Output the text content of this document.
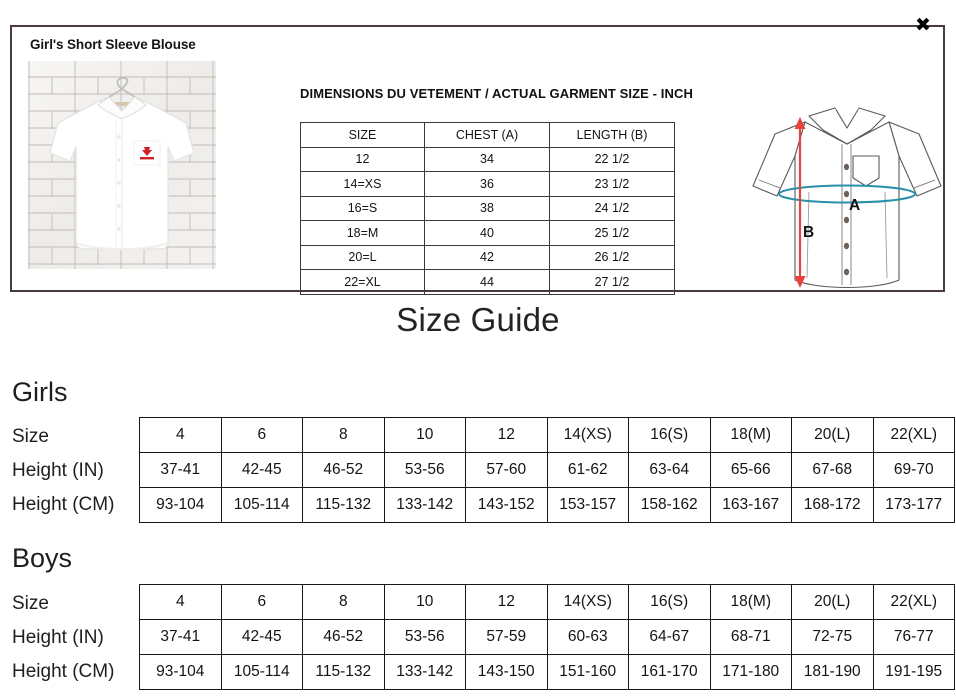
Girl's Short Sleeve Blouse
DIMENSIONS DU VETEMENT / ACTUAL GARMENT SIZE - INCH
SIZE	CHEST (A)	LENGTH (B)
12	34	22 1/2
14=XS	36	23 1/2
16=S	38	24 1/2
18=M	40	25 1/2
20=L	42	26 1/2
22=XL	44	27 1/2
A
B
✖
Size Guide
Girls
Size
Height (IN)
Height (CM)
4	6	8	10	12	14(XS)	16(S)	18(M)	20(L)	22(XL)
37-41	42-45	46-52	53-56	57-60	61-62	63-64	65-66	67-68	69-70
93-104	105-114	115-132	133-142	143-152	153-157	158-162	163-167	168-172	173-177
Boys
Size
Height (IN)
Height (CM)
4	6	8	10	12	14(XS)	16(S)	18(M)	20(L)	22(XL)
37-41	42-45	46-52	53-56	57-59	60-63	64-67	68-71	72-75	76-77
93-104	105-114	115-132	133-142	143-150	151-160	161-170	171-180	181-190	191-195
